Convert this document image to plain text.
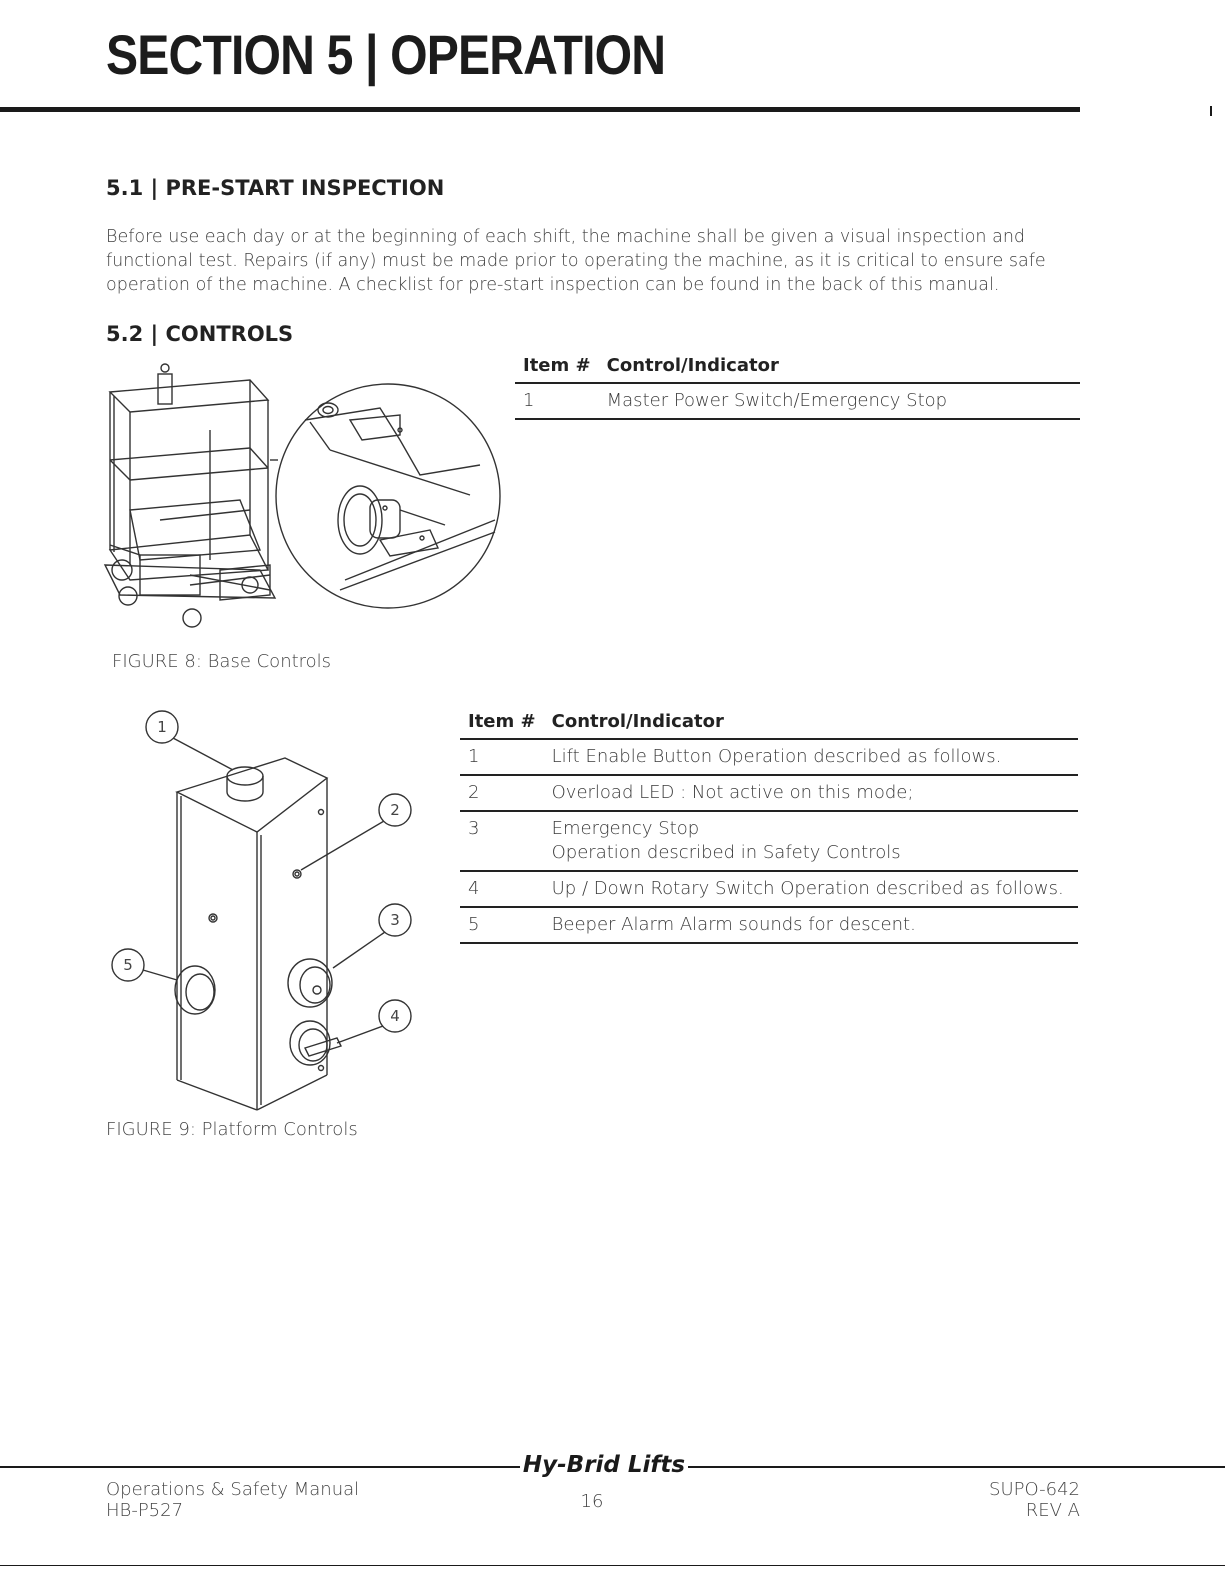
SECTION 5 | OPERATION
5.1 | PRE-START INSPECTION
Before use each day or at the beginning of each shift, the machine shall be given a visual inspection and functional test. Repairs (if any) must be made prior to operating the machine, as it is critical to ensure safe operation of the machine. A checklist for pre-start inspection can be found in the back of this manual.
5.2 | CONTROLS
Item #	Control/Indicator
1	Master Power Switch/Emergency Stop
FIGURE 8: Base Controls
1
2
3
4
5
Item #	Control/Indicator
1	Lift Enable Button Operation described as follows.
2	Overload LED : Not active on this mode;
3	Emergency Stop
Operation described in Safety Controls

4	Up / Down Rotary Switch Operation described as follows.
5	Beeper Alarm Alarm sounds for descent.
FIGURE 9: Platform Controls
Hy-Brid Lifts
Operations & Safety Manual
HB-P527	16
SUPO-642
REV A
